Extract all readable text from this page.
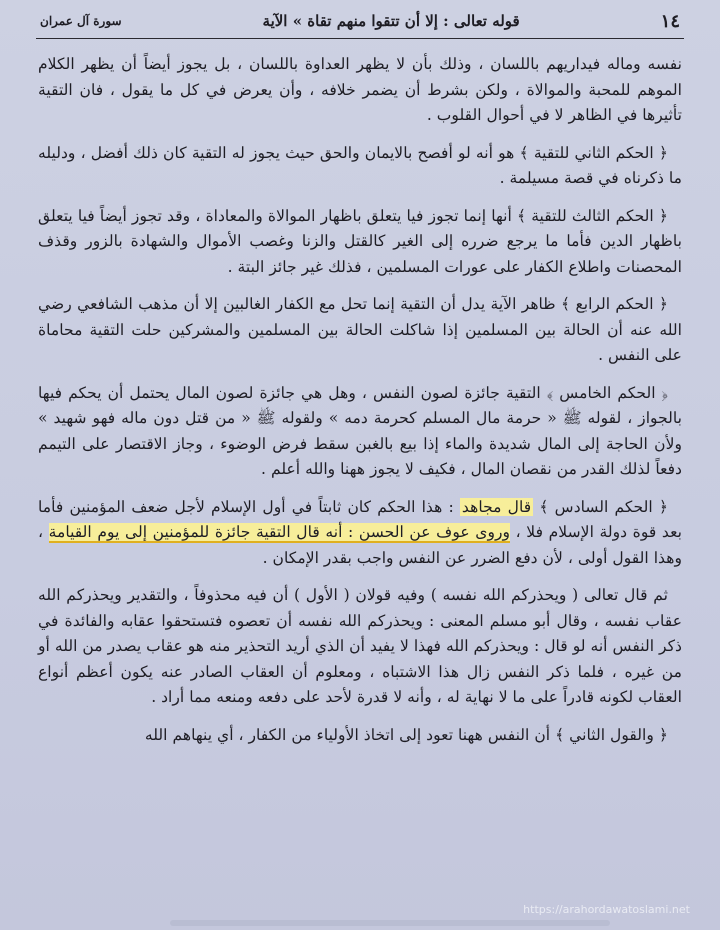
١٤
قوله تعالى : إلا أن تتقوا منهم تقاة » الآية
سورة آل عمران

نفسه وماله فيداريهم باللسان ، وذلك بأن لا يظهر العداوة باللسان ، بل يجوز أيضاً أن يظهر الكلام الموهم للمحبة والموالاة ، ولكن بشرط أن يضمر خلافه ، وأن يعرض في كل ما يقول ، فان التقية تأثيرها في الظاهر لا في أحوال القلوب .

﴿ الحكم الثاني للتقية ﴾ هو أنه لو أفصح بالايمان والحق حيث يجوز له التقية كان ذلك أفضل ، ودليله ما ذكرناه في قصة مسيلمة .

﴿ الحكم الثالث للتقية ﴾ أنها إنما تجوز فيا يتعلق باظهار الموالاة والمعاداة ، وقد تجوز أيضاً فيا يتعلق باظهار الدين فأما ما يرجع ضرره إلى الغير كالقتل والزنا وغصب الأموال والشهادة بالزور وقذف المحصنات واطلاع الكفار على عورات المسلمين ، فذلك غير جائز البتة .

﴿ الحكم الرابع ﴾ ظاهر الآية يدل أن التقية إنما تحل مع الكفار الغالبين إلا أن مذهب الشافعي رضي الله عنه أن الحالة بين المسلمين إذا شاكلت الحالة بين المسلمين والمشركين حلت التقية محاماة على النفس .

﴿ الحكم الخامس ﴾ التقية جائزة لصون النفس ، وهل هي جائزة لصون المال يحتمل أن يحكم فيها بالجواز ، لقوله ﷺ « حرمة مال المسلم كحرمة دمه » ولقوله ﷺ « من قتل دون ماله فهو شهيد » ولأن الحاجة إلى المال شديدة والماء إذا بيع بالغبن سقط فرض الوضوء ، وجاز الاقتصار على التيمم دفعاً لذلك القدر من نقصان المال ، فكيف لا يجوز ههنا والله أعلم .

﴿ الحكم السادس ﴾ قال مجاهد : هذا الحكم كان ثابتاً في أول الإسلام لأجل ضعف المؤمنين فأما بعد قوة دولة الإسلام فلا ، وروى عوف عن الحسن : أنه قال التقية جائزة للمؤمنين إلى يوم القيامة ، وهذا القول أولى ، لأن دفع الضرر عن النفس واجب بقدر الإمكان .

ثم قال تعالى ( ويحذركم الله نفسه ) وفيه قولان ( الأول ) أن فيه محذوفاً ، والتقدير ويحذركم الله عقاب نفسه ، وقال أبو مسلم المعنى : ويحذركم الله نفسه أن تعصوه فتستحقوا عقابه والفائدة في ذكر النفس أنه لو قال : ويحذركم الله فهذا لا يفيد أن الذي أريد التحذير منه هو عقاب يصدر من الله أو من غيره ، فلما ذكر النفس زال هذا الاشتباه ، ومعلوم أن العقاب الصادر عنه يكون أعظم أنواع العقاب لكونه قادراً على ما لا نهاية له ، وأنه لا قدرة لأحد على دفعه ومنعه مما أراد .

﴿ والقول الثاني ﴾ أن النفس ههنا تعود إلى اتخاذ الأولياء من الكفار ، أي ينهاهم الله

https://arahordawatoslami.net
